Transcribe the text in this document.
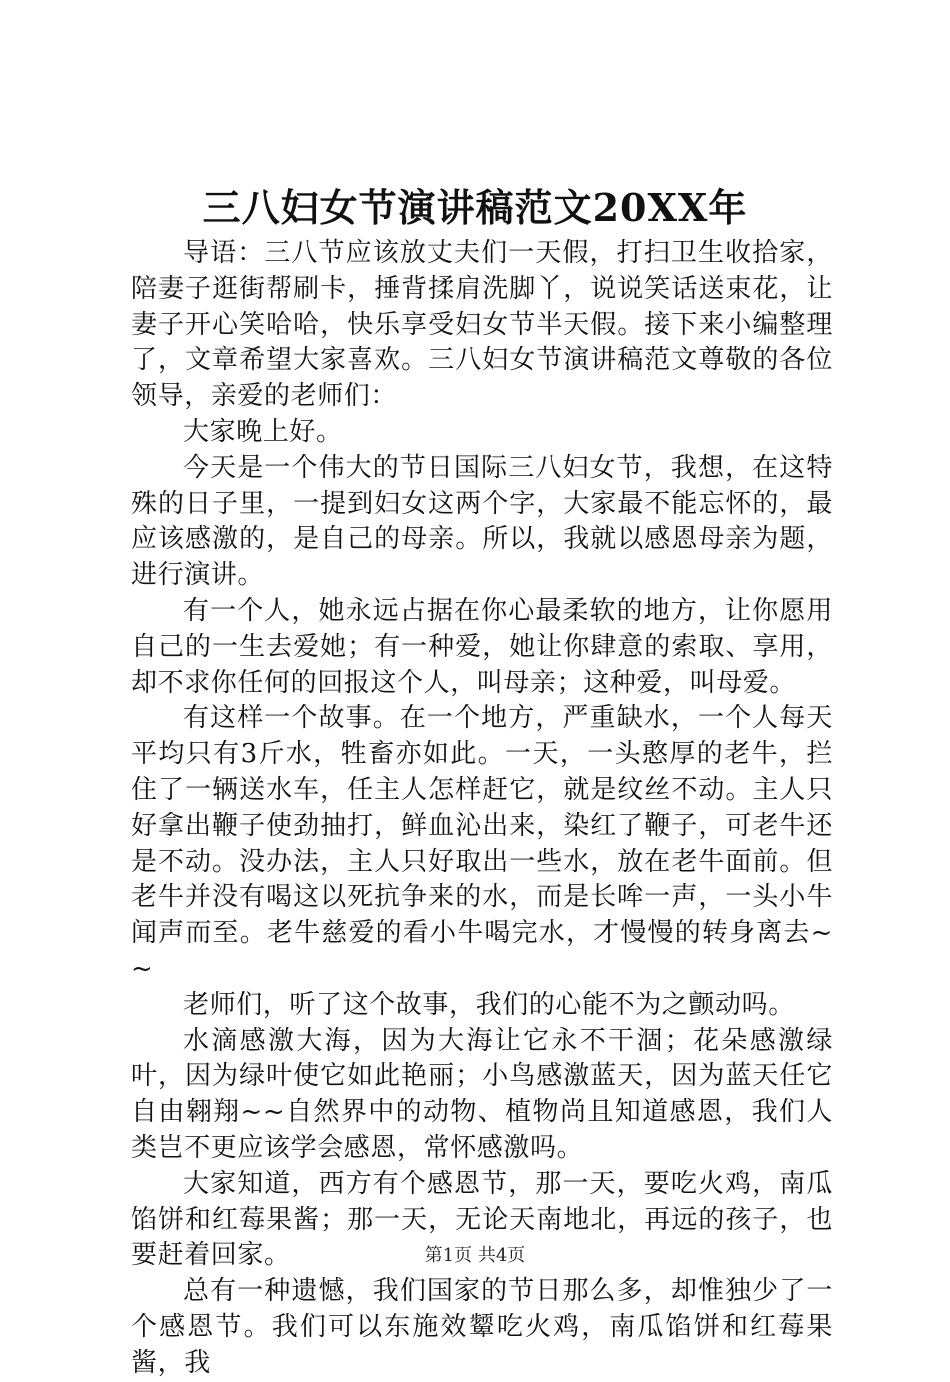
三八妇女节演讲稿范文20XX年

导语：三八节应该放丈夫们一天假，打扫卫生收拾家，陪妻子逛街帮刷卡，捶背揉肩洗脚丫，说说笑话送束花，让妻子开心笑哈哈，快乐享受妇女节半天假。接下来小编整理了，文章希望大家喜欢。三八妇女节演讲稿范文尊敬的各位领导，亲爱的老师们：

大家晚上好。

今天是一个伟大的节日国际三八妇女节，我想，在这特殊的日子里，一提到妇女这两个字，大家最不能忘怀的，最应该感激的，是自己的母亲。所以，我就以感恩母亲为题，进行演讲。

有一个人，她永远占据在你心最柔软的地方，让你愿用自己的一生去爱她；有一种爱，她让你肆意的索取、享用，却不求你任何的回报这个人，叫母亲；这种爱，叫母爱。

有这样一个故事。在一个地方，严重缺水，一个人每天平均只有3斤水，牲畜亦如此。一天，一头憨厚的老牛，拦住了一辆送水车，任主人怎样赶它，就是纹丝不动。主人只好拿出鞭子使劲抽打，鲜血沁出来，染红了鞭子，可老牛还是不动。没办法，主人只好取出一些水，放在老牛面前。但老牛并没有喝这以死抗争来的水，而是长哞一声，一头小牛闻声而至。老牛慈爱的看小牛喝完水，才慢慢的转身离去~~

老师们，听了这个故事，我们的心能不为之颤动吗。

水滴感激大海，因为大海让它永不干涸；花朵感激绿叶，因为绿叶使它如此艳丽；小鸟感激蓝天，因为蓝天任它自由翱翔~~自然界中的动物、植物尚且知道感恩，我们人类岂不更应该学会感恩，常怀感激吗。

大家知道，西方有个感恩节，那一天，要吃火鸡，南瓜馅饼和红莓果酱；那一天，无论天南地北，再远的孩子，也要赶着回家。

总有一种遗憾，我们国家的节日那么多，却惟独少了一个感恩节。我们可以东施效颦吃火鸡，南瓜馅饼和红莓果酱，我

第1页 共4页
